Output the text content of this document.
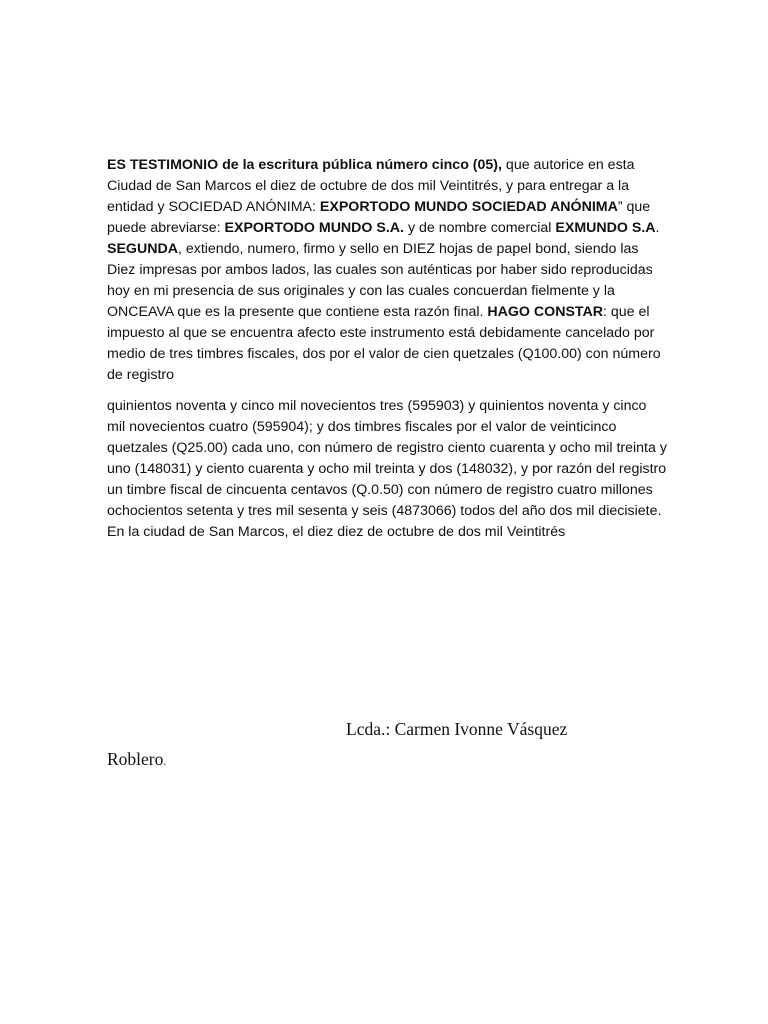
ES TESTIMONIO de la escritura pública número cinco (05), que autorice en esta Ciudad de San Marcos el diez de octubre de dos mil Veintitrés, y para entregar a la entidad y SOCIEDAD ANÓNIMA: EXPORTODO MUNDO SOCIEDAD ANÓNIMA” que puede abreviarse: EXPORTODO MUNDO S.A. y de nombre comercial EXMUNDO S.A. SEGUNDA, extiendo, numero, firmo y sello en DIEZ hojas de papel bond, siendo las Diez impresas por ambos lados, las cuales son auténticas por haber sido reproducidas hoy en mi presencia de sus originales y con las cuales concuerdan fielmente y la ONCEAVA que es la presente que contiene esta razón final. HAGO CONSTAR: que el impuesto al que se encuentra afecto este instrumento está debidamente cancelado por medio de tres timbres fiscales, dos por el valor de cien quetzales (Q100.00) con número de registro

quinientos noventa y cinco mil novecientos tres (595903) y quinientos noventa y cinco mil novecientos cuatro (595904); y dos timbres fiscales por el valor de veinticinco quetzales (Q25.00) cada uno, con número de registro ciento cuarenta y ocho mil treinta y uno (148031) y ciento cuarenta y ocho mil treinta y dos (148032), y por razón del registro un timbre fiscal de cincuenta centavos (Q.0.50) con número de registro cuatro millones ochocientos setenta y tres mil sesenta y seis (4873066) todos del año dos mil diecisiete. En la ciudad de San Marcos, el diez diez de octubre de dos mil Veintitrés

Lcda.: Carmen Ivonne Vásquez
Roblero.
